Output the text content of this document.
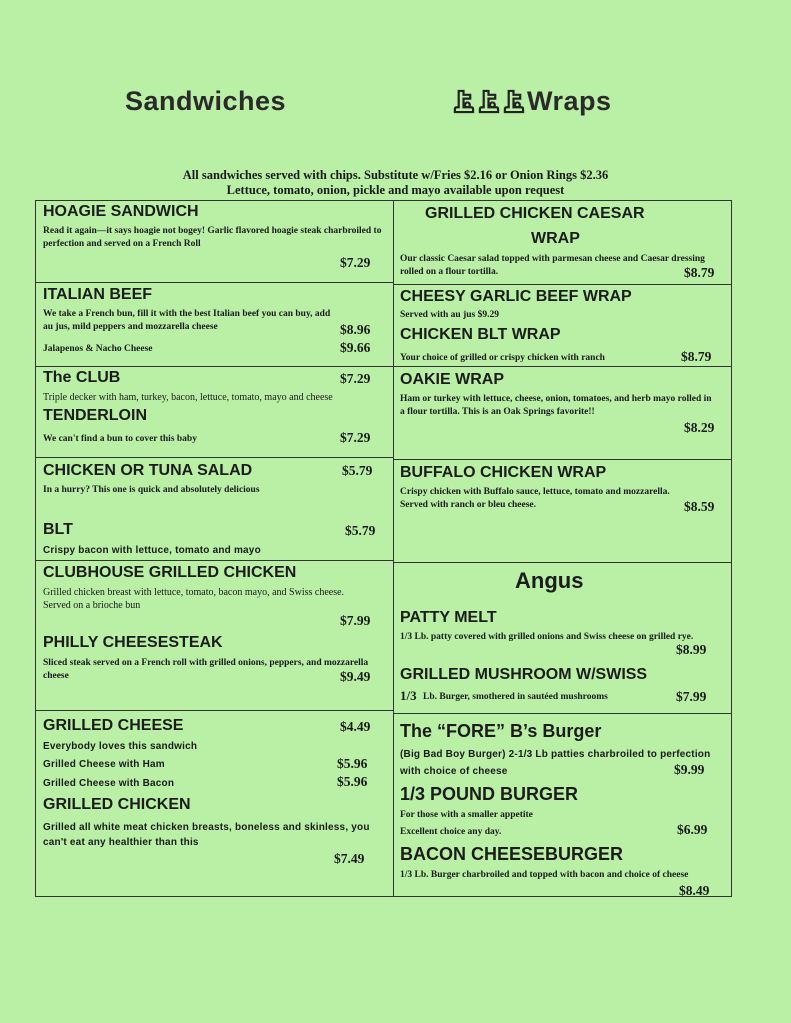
Sandwiches	Wraps
All sandwiches served with chips. Substitute w/Fries $2.16 or Onion Rings $2.36
Lettuce, tomato, onion, pickle and mayo available upon request
HOAGIE SANDWICH
Read it again—it says hoagie not bogey! Garlic flavored hoagie steak charbroiled to perfection and served on a French Roll
$7.29
ITALIAN BEEF
We take a French bun, fill it with the best Italian beef you can buy, add au jus, mild peppers and mozzarella cheese	$8.96
Jalapenos & Nacho Cheese	$9.66
The CLUB	$7.29
Triple decker with ham, turkey, bacon, lettuce, tomato, mayo and cheese
TENDERLOIN
We can't find a bun to cover this baby	$7.29
CHICKEN OR TUNA SALAD	$5.79
In a hurry? This one is quick and absolutely delicious
BLT	$5.79
Crispy bacon with lettuce, tomato and mayo
CLUBHOUSE GRILLED CHICKEN
Grilled chicken breast with lettuce, tomato, bacon mayo, and Swiss cheese. Served on a brioche bun
$7.99
PHILLY CHEESESTEAK
Sliced steak served on a French roll with grilled onions, peppers, and mozzarella cheese	$9.49
GRILLED CHEESE	$4.49
Everybody loves this sandwich
Grilled Cheese with Ham	$5.96
Grilled Cheese with Bacon	$5.96
GRILLED CHICKEN
Grilled all white meat chicken breasts, boneless and skinless, you can't eat any healthier than this
$7.49
GRILLED CHICKEN CAESAR
WRAP
Our classic Caesar salad topped with parmesan cheese and Caesar dressing rolled on a flour tortilla.	$8.79
CHEESY GARLIC BEEF WRAP
Served with au jus $9.29
CHICKEN BLT WRAP
Your choice of grilled or crispy chicken with ranch	$8.79
OAKIE WRAP
Ham or turkey with lettuce, cheese, onion, tomatoes, and herb mayo rolled in a flour tortilla. This is an Oak Springs favorite!!
$8.29
BUFFALO CHICKEN WRAP
Crispy chicken with Buffalo sauce, lettuce, tomato and mozzarella. Served with ranch or bleu cheese.	$8.59
Angus
PATTY MELT
1/3 Lb. patty covered with grilled onions and Swiss cheese on grilled rye.
$8.99
GRILLED MUSHROOM W/SWISS
1/3 Lb. Burger, smothered in sautéed mushrooms	$7.99
The “FORE” B’s Burger
(Big Bad Boy Burger) 2-1/3 Lb patties charbroiled to perfection with choice of cheese	$9.99
1/3 POUND BURGER
For those with a smaller appetite
Excellent choice any day.	$6.99
BACON CHEESEBURGER
1/3 Lb. Burger charbroiled and topped with bacon and choice of cheese
$8.49
